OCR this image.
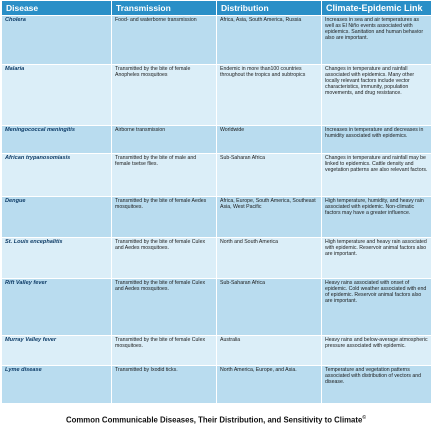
Disease	Transmission	Distribution	Climate-Epidemic Link
Cholera	Food- and waterborne transmission	Africa, Asia, South America, Russia	Increases in sea and air temperatures as well as El Niño events associated with epidemics. Sanitation and human behavior also are important.
Malaria	Transmitted by the bite of female Anopheles mosquitoes	Endemic in more than100 countries throughout the tropics and subtropics	Changes in temperature and rainfall associated with epidemics. Many other locally relevant factors include vector characteristics, immunity, population movements, and drug resistance.
Meningococcal meningitis	Airborne transmission	Worldwide	Increases in temperature and decreases in humidity associated with epidemics.
African trypanosomiasis	Transmitted by the bite of male and female tsetse flies.	Sub-Saharan Africa	Changes in temperature and rainfall may be linked to epidemics. Cattle density and vegetation patterns are also relevant factors.
Dengue	Transmitted by the bite of female Aedes mosquitoes.	Africa, Europe, South America, Southeast Asia, West Pacific	High temperature, humidity, and heavy rain associated with epidemic. Non-climatic factors may have a greater influence.
St. Louis encephalitis	Transmitted by the bite of female Culex and Aedes mosquitoes.	North and South America	High temperature and heavy rain associated with epidemic. Reservoir animal factors also are important.
Rift Valley fever	Transmitted by the bite of female Culex and Aedes mosquitoes.	Sub-Saharan Africa	Heavy rains associated with onset of epidemic. Cold weather associated with end of epidemic. Reservoir animal factors also are important.
Murray Valley fever	Transmitted by the bite of female Culex mosquitoes.	Australia	Heavy rains and below-average atmospheric pressure associated with epidemic.
Lyme disease	Transmitted by Ixodid ticks.	North America, Europe, and Asia.	Temperature and vegetation patterns associated with distribution of vectors and disease.
Common Communicable Diseases, Their Distribution, and Sensitivity to Climate©
